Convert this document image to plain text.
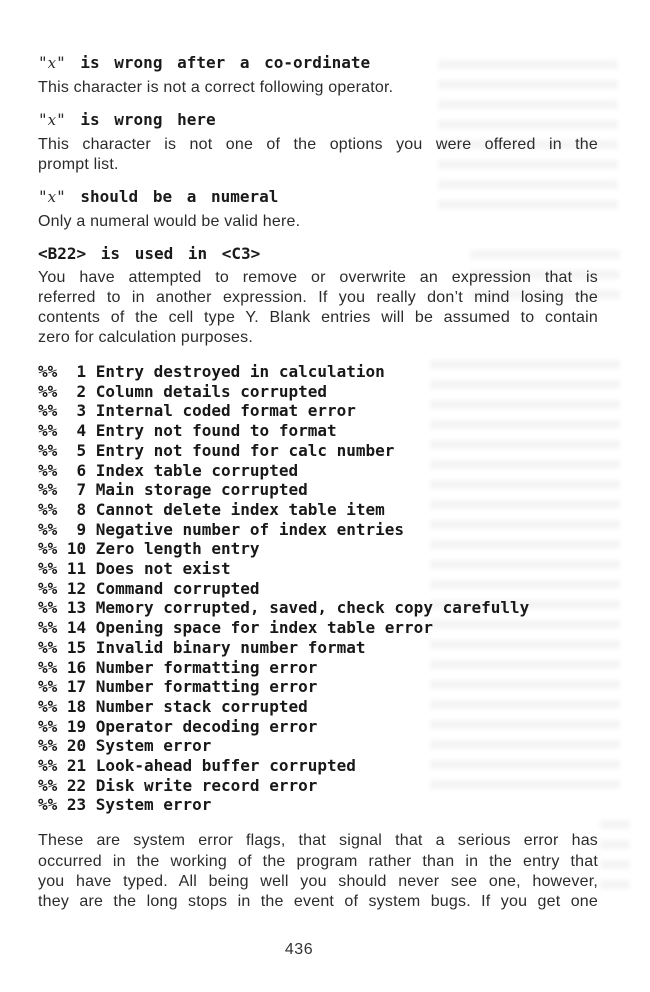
"x" is wrong after a co-ordinate
This character is not a correct following operator.
"x" is wrong here
This character is not one of the options you were offered in the
prompt list.
"x" should be a numeral
Only a numeral would be valid here.
<B22> is used in <C3>
You have attempted to remove or overwrite an expression that is
referred to in another expression. If you really don’t mind losing the
contents of the cell type Y. Blank entries will be assumed to contain
zero for calculation purposes.
%%  1 Entry destroyed in calculation
%%  2 Column details corrupted
%%  3 Internal coded format error
%%  4 Entry not found to format
%%  5 Entry not found for calc number
%%  6 Index table corrupted
%%  7 Main storage corrupted
%%  8 Cannot delete index table item
%%  9 Negative number of index entries
%% 10 Zero length entry
%% 11 Does not exist
%% 12 Command corrupted
%% 13 Memory corrupted, saved, check copy carefully
%% 14 Opening space for index table error
%% 15 Invalid binary number format
%% 16 Number formatting error
%% 17 Number formatting error
%% 18 Number stack corrupted
%% 19 Operator decoding error
%% 20 System error
%% 21 Look-ahead buffer corrupted
%% 22 Disk write record error
%% 23 System error
These are system error flags, that signal that a serious error has
occurred in the working of the program rather than in the entry that
you have typed. All being well you should never see one, however,
they are the long stops in the event of system bugs. If you get one
436
